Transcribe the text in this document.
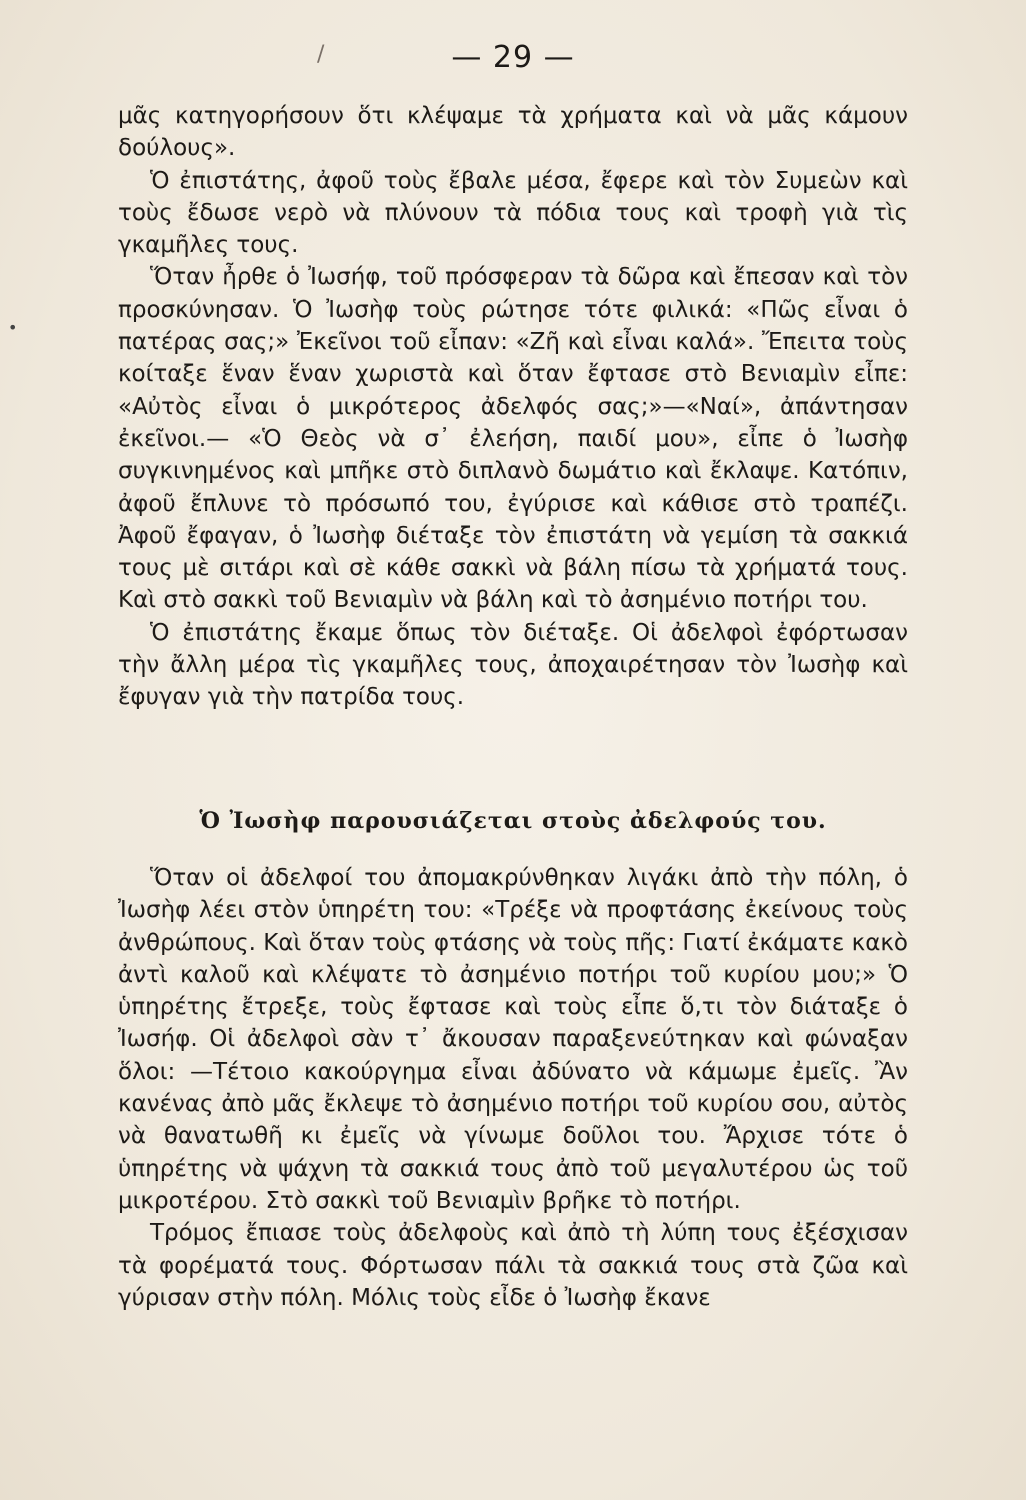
/	— 29 —
•

μᾶς κατηγορήσουν ὅτι κλέψαμε τὰ χρήματα καὶ νὰ μᾶς κάμουν δούλους».

Ὁ ἐπιστάτης, ἀφοῦ τοὺς ἔβαλε μέσα, ἔφερε καὶ τὸν Συμεὼν καὶ τοὺς ἔδωσε νερὸ νὰ πλύνουν τὰ πόδια τους καὶ τροφὴ γιὰ τὶς γκαμῆλες τους.

Ὅταν ἦρθε ὁ Ἰωσήφ, τοῦ πρόσφεραν τὰ δῶρα καὶ ἔπεσαν καὶ τὸν προσκύνησαν. Ὁ Ἰωσὴφ τοὺς ρώτησε τότε φιλικά: «Πῶς εἶναι ὁ πατέρας σας;» Ἐκεῖνοι τοῦ εἶπαν: «Ζῆ καὶ εἶναι καλά». Ἔπειτα τοὺς κοίταξε ἕναν ἕναν χωριστὰ καὶ ὅταν ἔφτασε στὸ Βενιαμὶν εἶπε: «Αὐτὸς εἶναι ὁ μικρότερος ἀδελφός σας;»—«Ναί», ἀπάντησαν ἐκεῖνοι.— «Ὁ Θεὸς νὰ σ᾿ ἐλεήση, παιδί μου», εἶπε ὁ Ἰωσὴφ συγκινημένος καὶ μπῆκε στὸ διπλανὸ δωμάτιο καὶ ἔκλαψε. Κατόπιν, ἀφοῦ ἔπλυνε τὸ πρόσωπό του, ἐγύρισε καὶ κάθισε στὸ τραπέζι. Ἀφοῦ ἔφαγαν, ὁ Ἰωσὴφ διέταξε τὸν ἐπιστάτη νὰ γεμίση τὰ σακκιά τους μὲ σιτάρι καὶ σὲ κάθε σακκὶ νὰ βάλη πίσω τὰ χρήματά τους. Καὶ στὸ σακκὶ τοῦ Βενιαμὶν νὰ βάλη καὶ τὸ ἀσημένιο ποτήρι του.

Ὁ ἐπιστάτης ἔκαμε ὅπως τὸν διέταξε. Οἱ ἀδελφοὶ ἐφόρτωσαν τὴν ἄλλη μέρα τὶς γκαμῆλες τους, ἀποχαιρέτησαν τὸν Ἰωσὴφ καὶ ἔφυγαν γιὰ τὴν πατρίδα τους.

Ὁ Ἰωσὴφ παρουσιάζεται στοὺς ἀδελφούς του.

Ὅταν οἱ ἀδελφοί του ἀπομακρύνθηκαν λιγάκι ἀπὸ τὴν πόλη, ὁ Ἰωσὴφ λέει στὸν ὑπηρέτη του: «Τρέξε νὰ προφτάσης ἐκείνους τοὺς ἀνθρώπους. Καὶ ὅταν τοὺς φτάσης νὰ τοὺς πῆς: Γιατί ἐκάματε κακὸ ἀντὶ καλοῦ καὶ κλέψατε τὸ ἀσημένιο ποτήρι τοῦ κυρίου μου;» Ὁ ὑπηρέτης ἔτρεξε, τοὺς ἔφτασε καὶ τοὺς εἶπε ὅ,τι τὸν διάταξε ὁ Ἰωσήφ. Οἱ ἀδελφοὶ σὰν τ᾿ ἄκουσαν παραξενεύτηκαν καὶ φώναξαν ὅλοι: —Τέτοιο κακούργημα εἶναι ἀδύνατο νὰ κάμωμε ἐμεῖς. Ἂν κανένας ἀπὸ μᾶς ἔκλεψε τὸ ἀσημένιο ποτήρι τοῦ κυρίου σου, αὐτὸς νὰ θανατωθῆ κι ἐμεῖς νὰ γίνωμε δοῦλοι του. Ἄρχισε τότε ὁ ὑπηρέτης νὰ ψάχνη τὰ σακκιά τους ἀπὸ τοῦ μεγαλυτέρου ὡς τοῦ μικροτέρου. Στὸ σακκὶ τοῦ Βενιαμὶν βρῆκε τὸ ποτήρι.

Τρόμος ἔπιασε τοὺς ἀδελφοὺς καὶ ἀπὸ τὴ λύπη τους ἐξέσχισαν τὰ φορέματά τους. Φόρτωσαν πάλι τὰ σακκιά τους στὰ ζῶα καὶ γύρισαν στὴν πόλη. Μόλις τοὺς εἶδε ὁ Ἰωσὴφ ἔκανε
